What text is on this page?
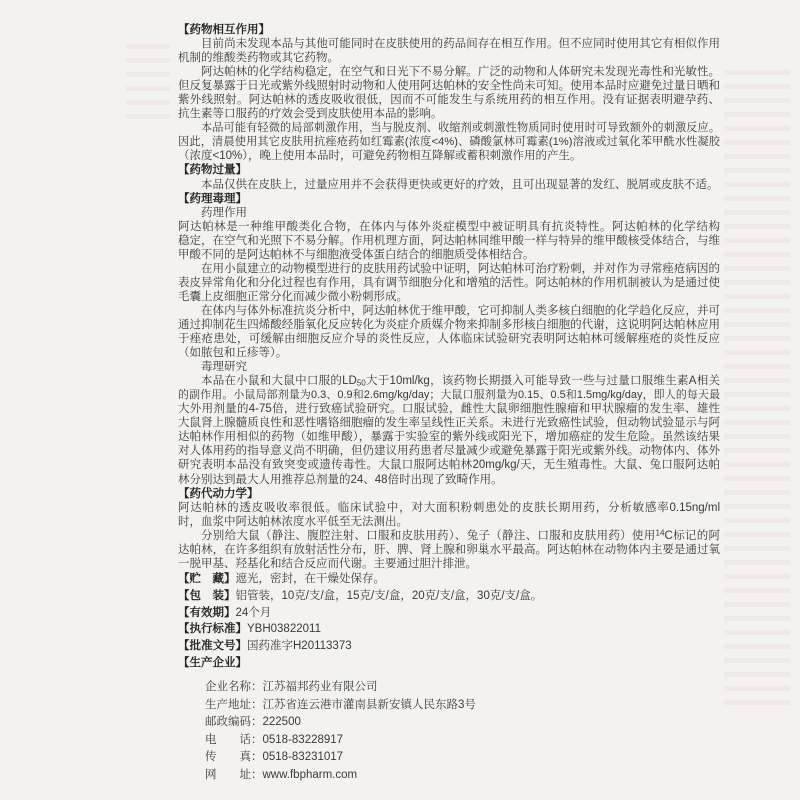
【药物相互作用】
目前尚未发现本品与其他可能同时在皮肤使用的药品间存在相互作用。但不应同时使用其它有相似作用
机制的维酸类药物或其它药物。
阿达帕林的化学结构稳定，在空气和日光下不易分解。广泛的动物和人体研究未发现光毒性和光敏性。
但反复暴露于日光或紫外线照射时动物和人使用阿达帕林的安全性尚未可知。使用本品时应避免过量日晒和
紫外线照射。阿达帕林的透皮吸收很低，因而不可能发生与系统用药的相互作用。没有证据表明避孕药、
抗生素等口服药的疗效会受到皮肤使用本品的影响。
本品可能有轻微的局部刺激作用，当与脱皮剂、收缩剂或刺激性物质同时使用时可导致额外的刺激反应。
因此，清晨使用其它皮肤用抗痤疮药如红霉素(浓度<4%)、磷酸氯林可霉素(1%)溶液或过氧化苯甲酰水性凝胶
（浓度<10%），晚上使用本品时，可避免药物相互降解或蓄积刺激作用的产生。
【药物过量】
本品仅供在皮肤上，过量应用并不会获得更快或更好的疗效，且可出现显著的发红、脱屑或皮肤不适。
【药理毒理】
药理作用
阿达帕林是一种维甲酸类化合物，在体内与体外炎症模型中被证明具有抗炎特性。阿达帕林的化学结构
稳定，在空气和光照下不易分解。作用机理方面，阿达帕林同维甲酸一样与特异的维甲酸核受体结合，与维
甲酸不同的是阿达帕林不与细胞液受体蛋白结合的细胞质受体相结合。
在用小鼠建立的动物模型进行的皮肤用药试验中证明，阿达帕林可治疗粉刺，并对作为寻常痤疮病因的
表皮异常角化和分化过程也有作用，具有调节细胞分化和增殖的活性。阿达帕林的作用机制被认为是通过使
毛囊上皮细胞正常分化而减少微小粉刺形成。
在体内与体外标准抗炎分析中，阿达帕林优于维甲酸，它可抑制人类多核白细胞的化学趋化反应，并可
通过抑制花生四烯酸经脂氧化反应转化为炎症介质媒介物来抑制多形核白细胞的代谢，这说明阿达帕林应用
于痤疮患处，可缓解由细胞反应介导的炎性反应，人体临床试验研究表明阿达帕林可缓解痤疮的炎性反应
（如脓包和丘疹等）。
毒理研究
本品在小鼠和大鼠中口服的LD50大于10ml/kg，该药物长期摄入可能导致一些与过量口服维生素A相关
的副作用。小鼠局部剂量为0.3、0.9和2.6mg/kg/day；大鼠口服剂量为0.15、0.5和1.5mg/kg/day，即人的每天最
大外用剂量的4-75倍，进行致癌试验研究。口服试验，雌性大鼠卵细胞性腺瘤和甲状腺瘤的发生率、雄性
大鼠肾上腺髓质良性和恶性嗜铬细胞瘤的发生率呈线性正关系。未进行光致癌性试验，但动物试验显示与阿
达帕林作用相似的药物（如维甲酸），暴露于实验室的紫外线或阳光下，增加癌症的发生危险。虽然该结果
对人体用药的指导意义尚不明确，但仍建议用药患者尽量减少或避免暴露于阳光或紫外线。动物体内、体外
研究表明本品没有致突变或遗传毒性。大鼠口服阿达帕林20mg/kg/天，无生殖毒性。大鼠、兔口服阿达帕
林分别达到最大人用推荐总剂量的24、48倍时出现了致畸作用。
【药代动力学】
阿达帕林的透皮吸收率很低。临床试验中，对大面积粉刺患处的皮肤长期用药，分析敏感率0.15ng/ml
时，血浆中阿达帕林浓度水平低至无法测出。
分别给大鼠（静注、腹腔注射、口服和皮肤用药）、兔子（静注、口服和皮肤用药）使用$^{14}$C标记的阿
达帕林，在许多组织有放射活性分布，肝、脾、肾上腺和卵巢水平最高。阿达帕林在动物体内主要是通过氧
一脱甲基、羟基化和结合反应而代谢。主要通过胆汁排泄。
【贮　藏】遮光，密封，在干燥处保存。
【包　装】铝管装，10克/支/盒，15克/支/盒，20克/支/盒，30克/支/盒。
【有效期】24个月
【执行标准】YBH03822011
【批准文号】国药准字H20113373
【生产企业】
企业名称：江苏福邦药业有限公司
生产地址：江苏省连云港市灌南县新安镇人民东路3号
邮政编码：222500
电　　话：0518-83228917
传　　真：0518-83231017
网　　址：www.fbpharm.com
